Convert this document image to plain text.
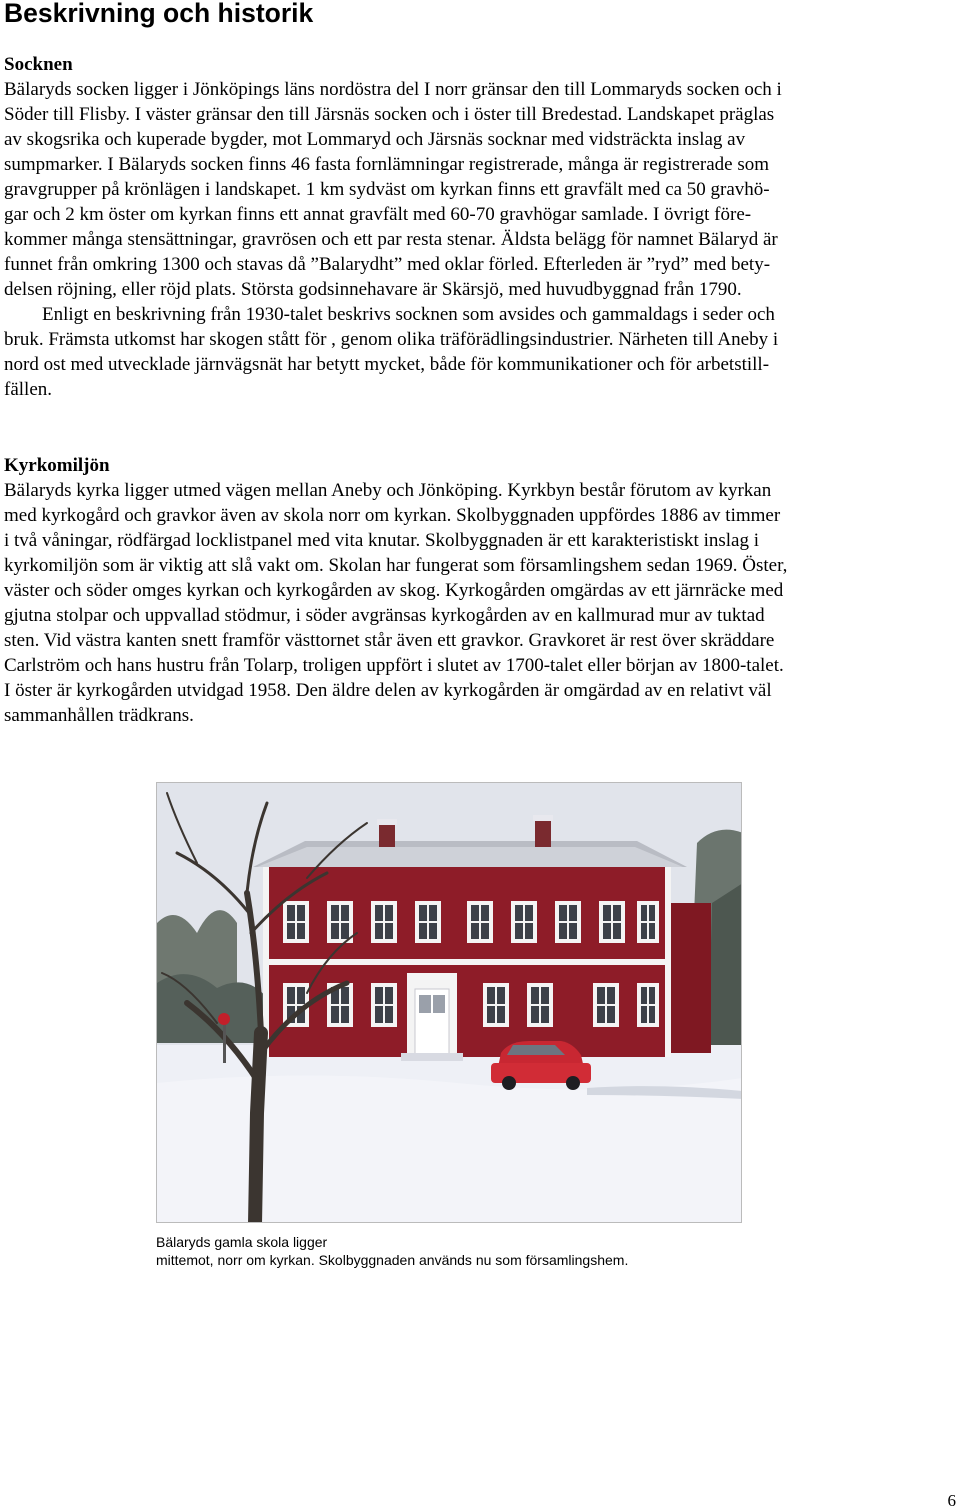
Beskrivning och historik
Socknen

Bälaryds socken ligger i Jönköpings läns nordöstra del I norr gränsar den till Lommaryds socken och i

Söder till Flisby. I väster gränsar den till Järsnäs socken och i öster till Bredestad. Landskapet präglas

av skogsrika och kuperade bygder, mot Lommaryd och Järsnäs socknar med vidsträckta inslag av

sumpmarker. I Bälaryds socken finns 46 fasta fornlämningar registrerade, många är registrerade som

gravgrupper på krönlägen i landskapet. 1 km sydväst om kyrkan finns ett gravfält med ca 50 gravhö-

gar och 2 km öster om kyrkan finns ett annat gravfält med 60-70 gravhögar samlade. I övrigt före-

kommer många stensättningar, gravrösen och ett par resta stenar. Äldsta belägg för namnet Bälaryd är

funnet från omkring 1300 och stavas då ”Balarydht” med oklar förled. Efterleden är ”ryd” med bety-

delsen röjning, eller röjd plats. Största godsinnehavare är Skärsjö, med huvudbyggnad från 1790.

Enligt en beskrivning från 1930-talet beskrivs socknen som avsides och gammaldags i seder och

bruk. Främsta utkomst har skogen stått för , genom olika träförädlingsindustrier. Närheten till Aneby i

nord ost med utvecklade järnvägsnät har betytt mycket, både för kommunikationer och för arbetstill-

fällen.

Kyrkomiljön

Bälaryds kyrka ligger utmed vägen mellan Aneby och Jönköping. Kyrkbyn består förutom av kyrkan

med kyrkogård och gravkor även av skola norr om kyrkan. Skolbyggnaden uppfördes 1886 av timmer

i två våningar, rödfärgad locklistpanel med vita knutar. Skolbyggnaden är ett karakteristiskt inslag i

kyrkomiljön som är viktig att slå vakt om. Skolan har fungerat som församlingshem sedan 1969. Öster,

väster och söder omges kyrkan och kyrkogården av skog. Kyrkogården omgärdas av ett järnräcke med

gjutna stolpar och uppvallad stödmur, i söder avgränsas kyrkogården av en kallmurad mur av tuktad

sten. Vid västra kanten snett framför västtornet står även ett gravkor. Gravkoret är rest över skräddare

Carlström och hans hustru från Tolarp, troligen uppfört i slutet av 1700-talet eller början av 1800-talet.

I öster är kyrkogården utvidgad 1958. Den äldre delen av kyrkogården är omgärdad av en relativt väl

sammanhållen trädkrans.

Bälaryds gamla skola ligger

mittemot, norr om kyrkan. Skolbyggnaden används nu som församlingshem.

6
